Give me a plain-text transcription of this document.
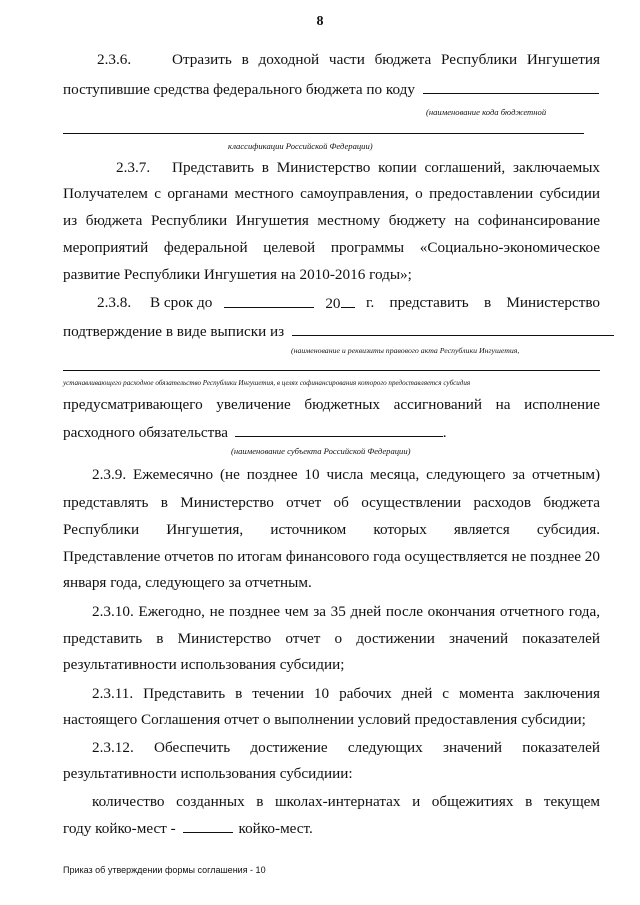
8
2.3.6.	Отразить в доходной части бюджета Республики Ингушетия
поступившие средства федерального бюджета по коду
(наименование кода бюджетной
классификации Российской Федерации)
2.3.7. Представить в Министерство копии соглашений, заключаемых
Получателем с органами местного самоуправления, о предоставлении субсидии
из бюджета Республики Ингушетия местному бюджету на софинансирование
мероприятий федеральной целевой программы «Социально-экономическое
развитие Республики Ингушетия на 2010-2016 годы»;
2.3.8. В срок до	20	г. представить в Министерство
подтверждение в виде выписки из
(наименование и реквизиты правового акта Республики Ингушетия,
устанавливающего расходное обязательство Республики Ингушетия, в целях софинансирования которого предоставляется субсидия
предусматривающего увеличение бюджетных ассигнований на исполнение
расходного обязательства	.
(наименование субъекта Российской Федерации)
2.3.9. Ежемесячно (не позднее 10 числа месяца, следующего за отчетным)
представлять в Министерство отчет об осуществлении расходов бюджета
Республики Ингушетия, источником которых является субсидия.
Представление отчетов по итогам финансового года осуществляется не позднее 20
января года, следующего за отчетным.
2.3.10. Ежегодно, не позднее чем за 35 дней после окончания отчетного года,
представить в Министерство отчет о достижении значений показателей
результативности использования субсидии;
2.3.11. Представить в течении 10 рабочих дней с момента заключения
настоящего Соглашения отчет о выполнении условий предоставления субсидии;
2.3.12. Обеспечить достижение следующих значений показателей
результативности использования субсидиии:
количество созданных в школах-интернатах и общежитиях в текущем
году койко-мест -	койко-мест.
Приказ об утверждении формы соглашения - 10
